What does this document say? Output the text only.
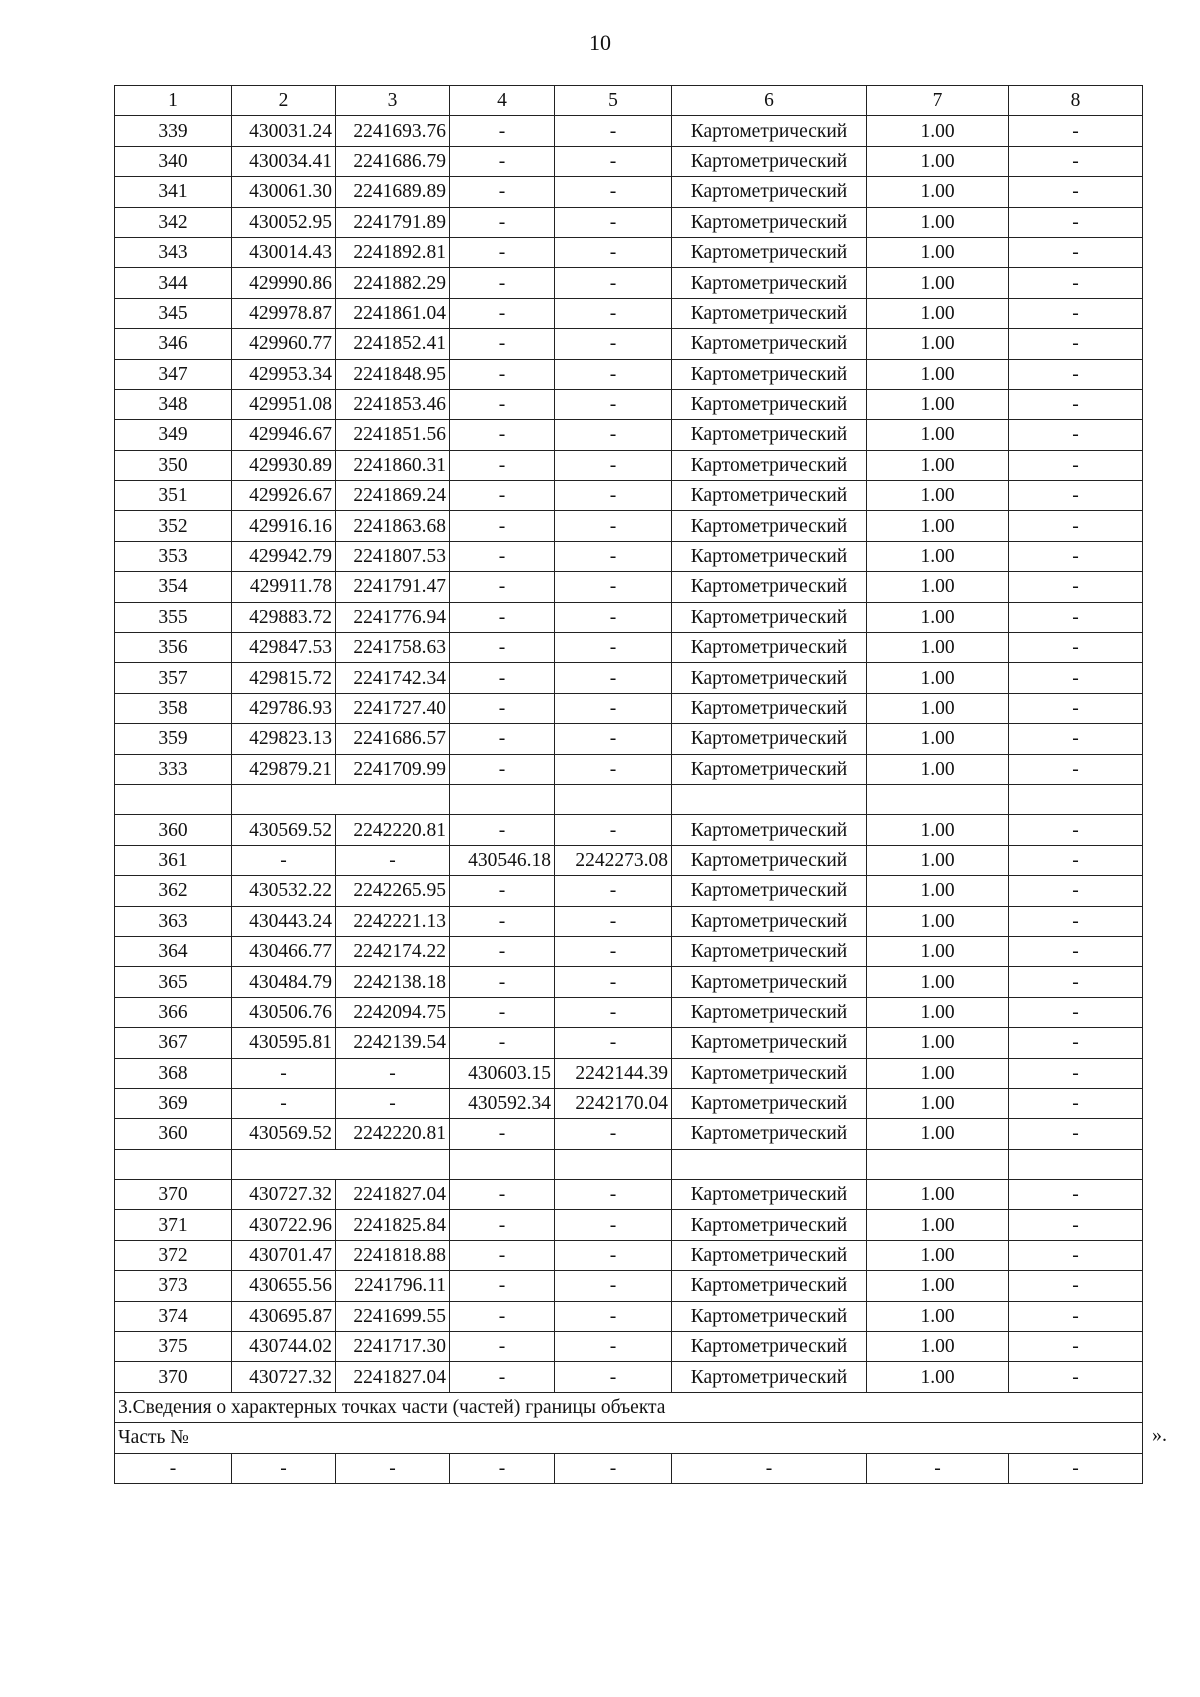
10
1	2	3	4	5	6	7	8
339	430031.24	2241693.76	-	-	Картометрический	1.00	-
340	430034.41	2241686.79	-	-	Картометрический	1.00	-
341	430061.30	2241689.89	-	-	Картометрический	1.00	-
342	430052.95	2241791.89	-	-	Картометрический	1.00	-
343	430014.43	2241892.81	-	-	Картометрический	1.00	-
344	429990.86	2241882.29	-	-	Картометрический	1.00	-
345	429978.87	2241861.04	-	-	Картометрический	1.00	-
346	429960.77	2241852.41	-	-	Картометрический	1.00	-
347	429953.34	2241848.95	-	-	Картометрический	1.00	-
348	429951.08	2241853.46	-	-	Картометрический	1.00	-
349	429946.67	2241851.56	-	-	Картометрический	1.00	-
350	429930.89	2241860.31	-	-	Картометрический	1.00	-
351	429926.67	2241869.24	-	-	Картометрический	1.00	-
352	429916.16	2241863.68	-	-	Картометрический	1.00	-
353	429942.79	2241807.53	-	-	Картометрический	1.00	-
354	429911.78	2241791.47	-	-	Картометрический	1.00	-
355	429883.72	2241776.94	-	-	Картометрический	1.00	-
356	429847.53	2241758.63	-	-	Картометрический	1.00	-
357	429815.72	2241742.34	-	-	Картометрический	1.00	-
358	429786.93	2241727.40	-	-	Картометрический	1.00	-
359	429823.13	2241686.57	-	-	Картометрический	1.00	-
333	429879.21	2241709.99	-	-	Картометрический	1.00	-

360	430569.52	2242220.81	-	-	Картометрический	1.00	-
361	-	-	430546.18	2242273.08	Картометрический	1.00	-
362	430532.22	2242265.95	-	-	Картометрический	1.00	-
363	430443.24	2242221.13	-	-	Картометрический	1.00	-
364	430466.77	2242174.22	-	-	Картометрический	1.00	-
365	430484.79	2242138.18	-	-	Картометрический	1.00	-
366	430506.76	2242094.75	-	-	Картометрический	1.00	-
367	430595.81	2242139.54	-	-	Картометрический	1.00	-
368	-	-	430603.15	2242144.39	Картометрический	1.00	-
369	-	-	430592.34	2242170.04	Картометрический	1.00	-
360	430569.52	2242220.81	-	-	Картометрический	1.00	-

370	430727.32	2241827.04	-	-	Картометрический	1.00	-
371	430722.96	2241825.84	-	-	Картометрический	1.00	-
372	430701.47	2241818.88	-	-	Картометрический	1.00	-
373	430655.56	2241796.11	-	-	Картометрический	1.00	-
374	430695.87	2241699.55	-	-	Картометрический	1.00	-
375	430744.02	2241717.30	-	-	Картометрический	1.00	-
370	430727.32	2241827.04	-	-	Картометрический	1.00	-
3.Сведения о характерных точках части (частей) границы объекта							
Часть №							
-	-	-	-	-	-	-	-
».
